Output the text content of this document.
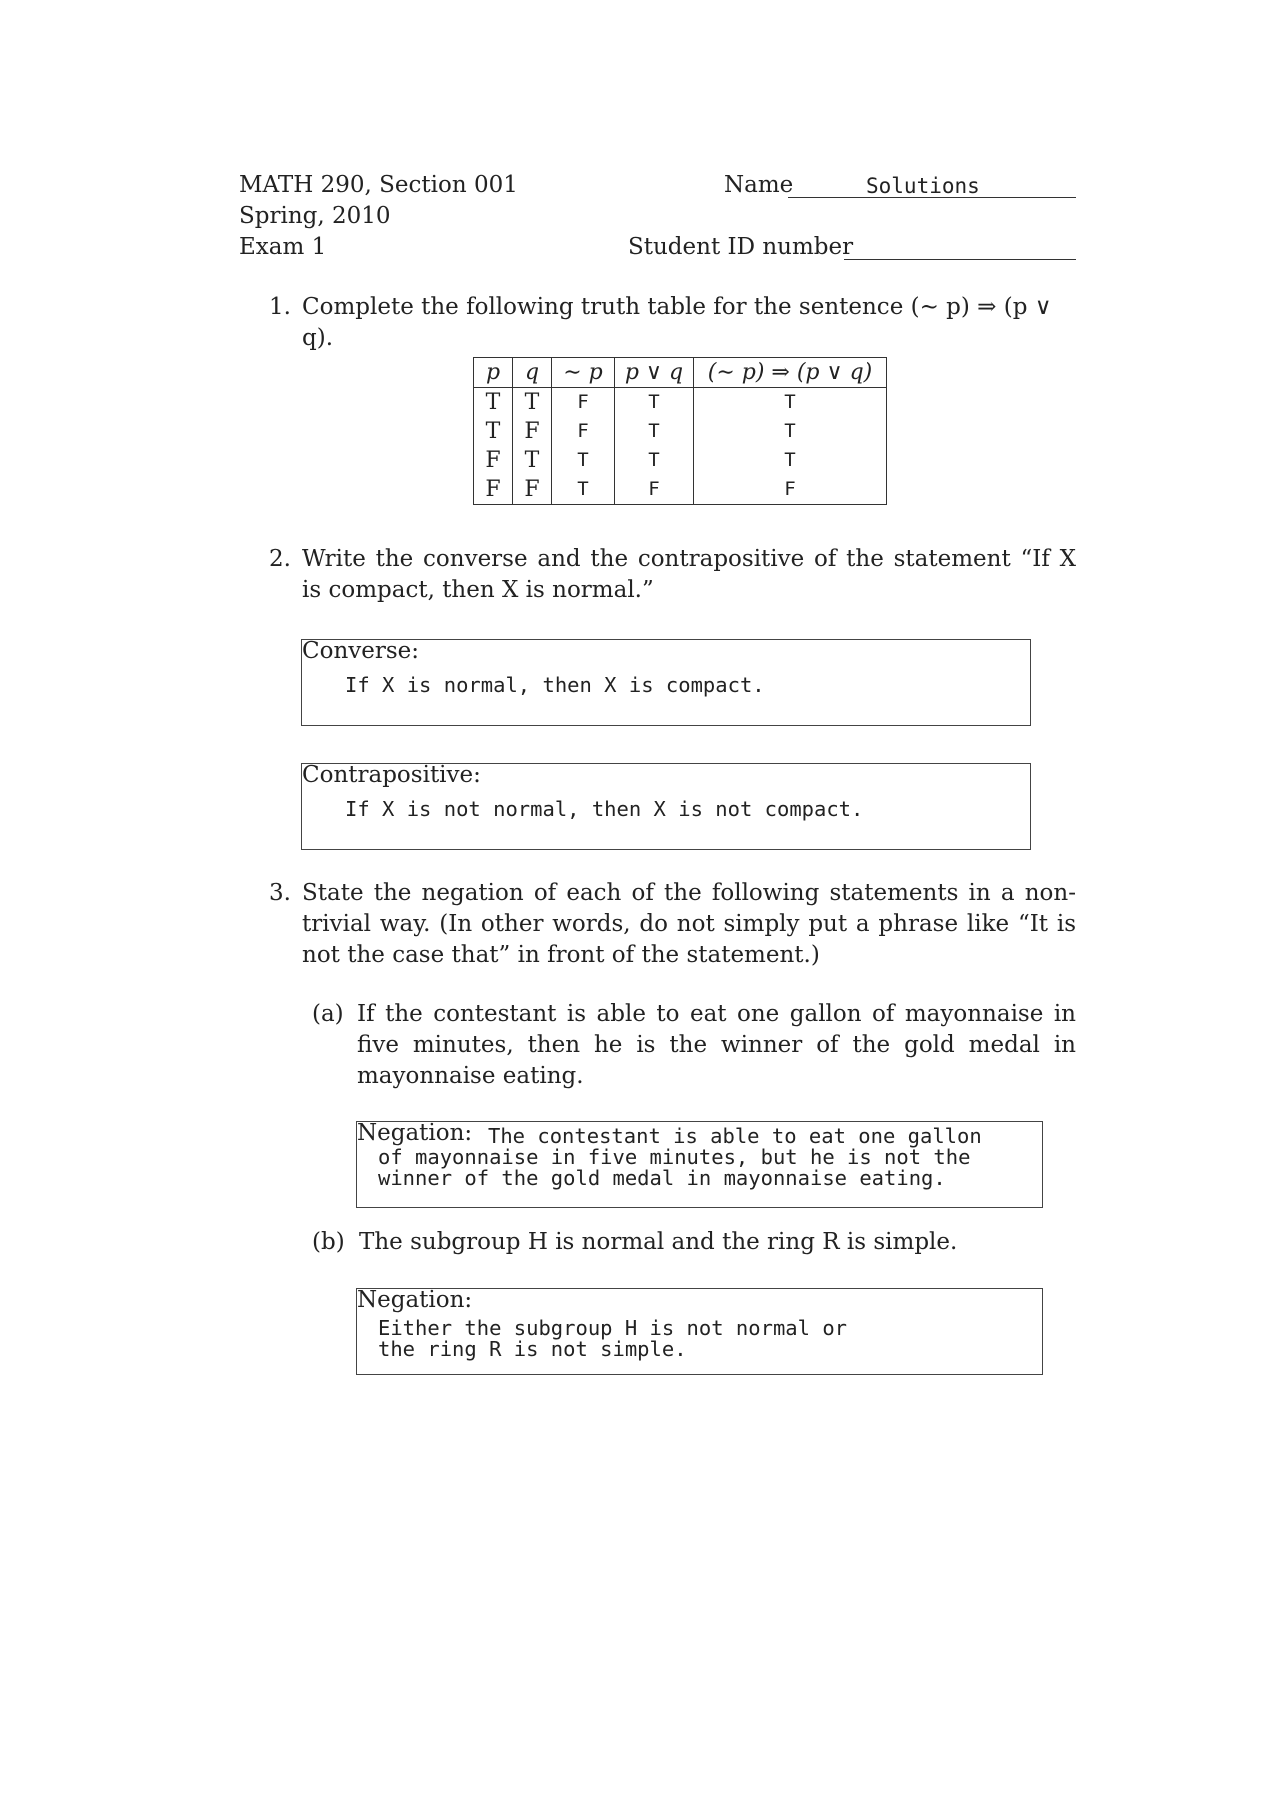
MATH 290, Section 001
Spring, 2010
Exam 1
Name	Solutions
Student ID number
1. Complete the following truth table for the sentence (∼ p) ⇒ (p ∨ q).
p	q	∼ p	p ∨ q	(∼ p) ⇒ (p ∨ q)
T	T	F	T	T
T	F	F	T	T
F	T	T	T	T
F	F	T	F	F
2. Write the converse and the contrapositive of the statement “If X is compact, then X is normal.”
Converse:
If X is normal, then X is compact.
Contrapositive:
If X is not normal, then X is not compact.
3. State the negation of each of the following statements in a non-trivial way. (In other words, do not simply put a phrase like “It is not the case that” in front of the statement.)
(a) If the contestant is able to eat one gallon of mayonnaise in five minutes, then he is the winner of the gold medal in mayonnaise eating.
Negation: The contestant is able to eat one gallon of mayonnaise in five minutes, but he is not the winner of the gold medal in mayonnaise eating.
(b) The subgroup H is normal and the ring R is simple.
Negation:
Either the subgroup H is not normal or the ring R is not simple.
